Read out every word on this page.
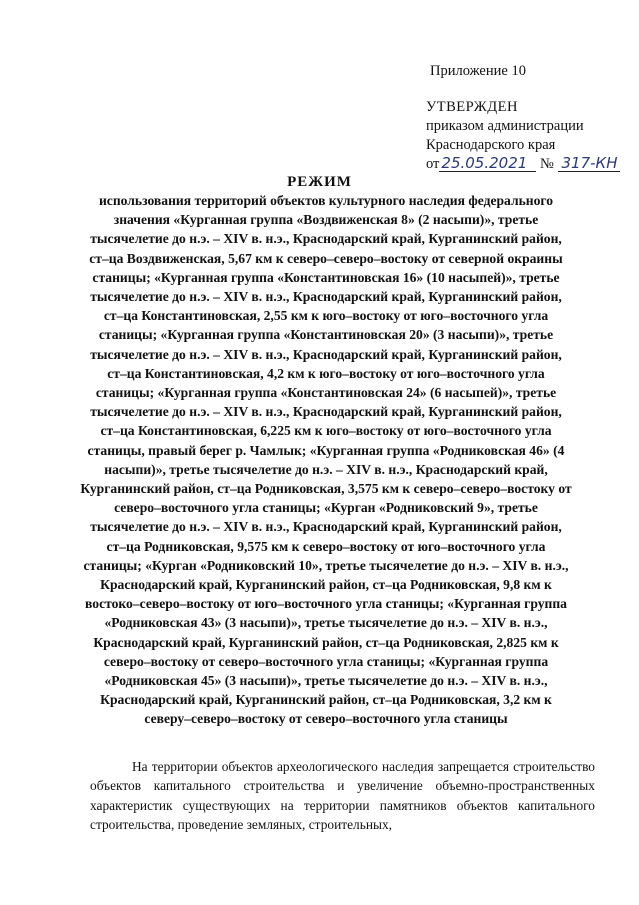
Приложение 10
УТВЕРЖДЕН
приказом администрации
Краснодарского края
от 25.05.2021 № 317-КН
РЕЖИМ
использования территорий объектов культурного наследия федерального значения «Курганная группа «Воздвиженская 8» (2 насыпи)», третье тысячелетие до н.э. – XIV в. н.э., Краснодарский край, Курганинский район, ст–ца Воздвиженская, 5,67 км к северо–северо–востоку от северной окраины станицы; «Курганная группа «Константиновская 16» (10 насыпей)», третье тысячелетие до н.э. – XIV в. н.э., Краснодарский край, Курганинский район, ст–ца Константиновская, 2,55 км к юго–востоку от юго–восточного угла станицы; «Курганная группа «Константиновская 20» (3 насыпи)», третье тысячелетие до н.э. – XIV в. н.э., Краснодарский край, Курганинский район, ст–ца Константиновская, 4,2 км к юго–востоку от юго–восточного угла станицы; «Курганная группа «Константиновская 24» (6 насыпей)», третье тысячелетие до н.э. – XIV в. н.э., Краснодарский край, Курганинский район, ст–ца Константиновская, 6,225 км к юго–востоку от юго–восточного угла станицы, правый берег р. Чамлык; «Курганная группа «Родниковская 46» (4 насыпи)», третье тысячелетие до н.э. – XIV в. н.э., Краснодарский край, Курганинский район, ст–ца Родниковская, 3,575 км к северо–северо–востоку от северо–восточного угла станицы; «Курган «Родниковский 9», третье тысячелетие до н.э. – XIV в. н.э., Краснодарский край, Курганинский район, ст–ца Родниковская, 9,575 км к северо–востоку от юго–восточного угла станицы; «Курган «Родниковский 10», третье тысячелетие до н.э. – XIV в. н.э., Краснодарский край, Курганинский район, ст–ца Родниковская, 9,8 км к востоко–северо–востоку от юго–восточного угла станицы; «Курганная группа «Родниковская 43» (3 насыпи)», третье тысячелетие до н.э. – XIV в. н.э., Краснодарский край, Курганинский район, ст–ца Родниковская, 2,825 км к северо–востоку от северо–восточного угла станицы; «Курганная группа «Родниковская 45» (3 насыпи)», третье тысячелетие до н.э. – XIV в. н.э., Краснодарский край, Курганинский район, ст–ца Родниковская, 3,2 км к северу–северо–востоку от северо–восточного угла станицы
На территории объектов археологического наследия запрещается строительство объектов капитального строительства и увеличение объемно-пространственных характеристик существующих на территории памятников объектов капитального строительства, проведение земляных, строительных,
